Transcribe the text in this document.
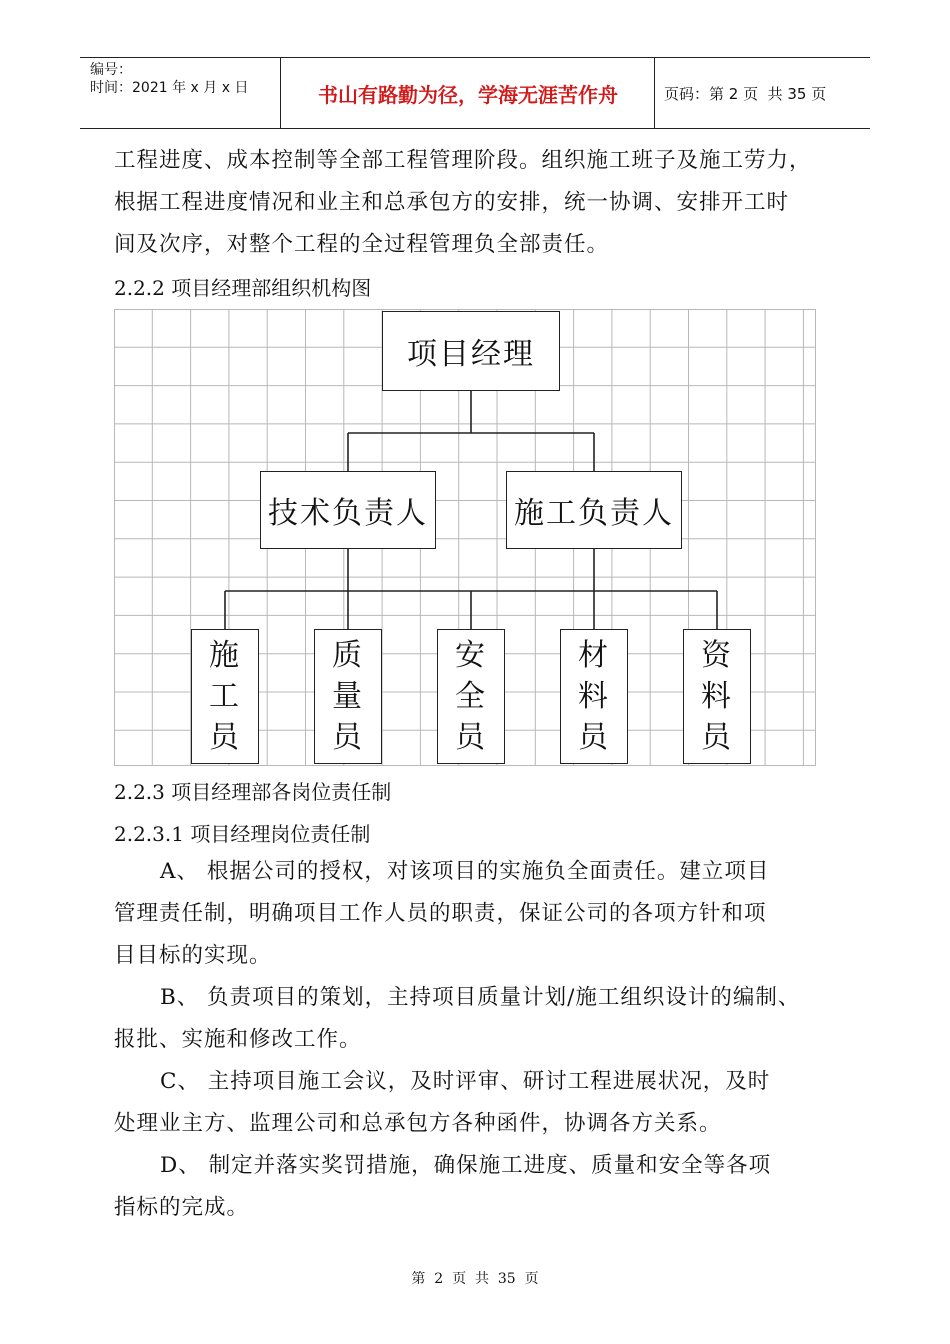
编号：
时间：2021 年 x 月 x 日	书山有路勤为径，学海无涯苦作舟	页码：第 2 页  共 35 页
工程进度、成本控制等全部工程管理阶段。组织施工班子及施工劳力，
根据工程进度情况和业主和总承包方的安排，统一协调、安排开工时
间及次序，对整个工程的全过程管理负全部责任。
2.2.2 项目经理部组织机构图
项目经理
技术负责人	施工负责人
施
工
员
质
量
员
安
全
员
材
料
员
资
料
员
2.2.3 项目经理部各岗位责任制
2.2.3.1 项目经理岗位责任制
A、 根据公司的授权，对该项目的实施负全面责任。建立项目
管理责任制，明确项目工作人员的职责，保证公司的各项方针和项
目目标的实现。
B、 负责项目的策划，主持项目质量计划/施工组织设计的编制、
报批、实施和修改工作。
C、 主持项目施工会议，及时评审、研讨工程进展状况，及时
处理业主方、监理公司和总承包方各种函件，协调各方关系。
D、 制定并落实奖罚措施，确保施工进度、质量和安全等各项
指标的完成。
第  2  页  共  35  页
